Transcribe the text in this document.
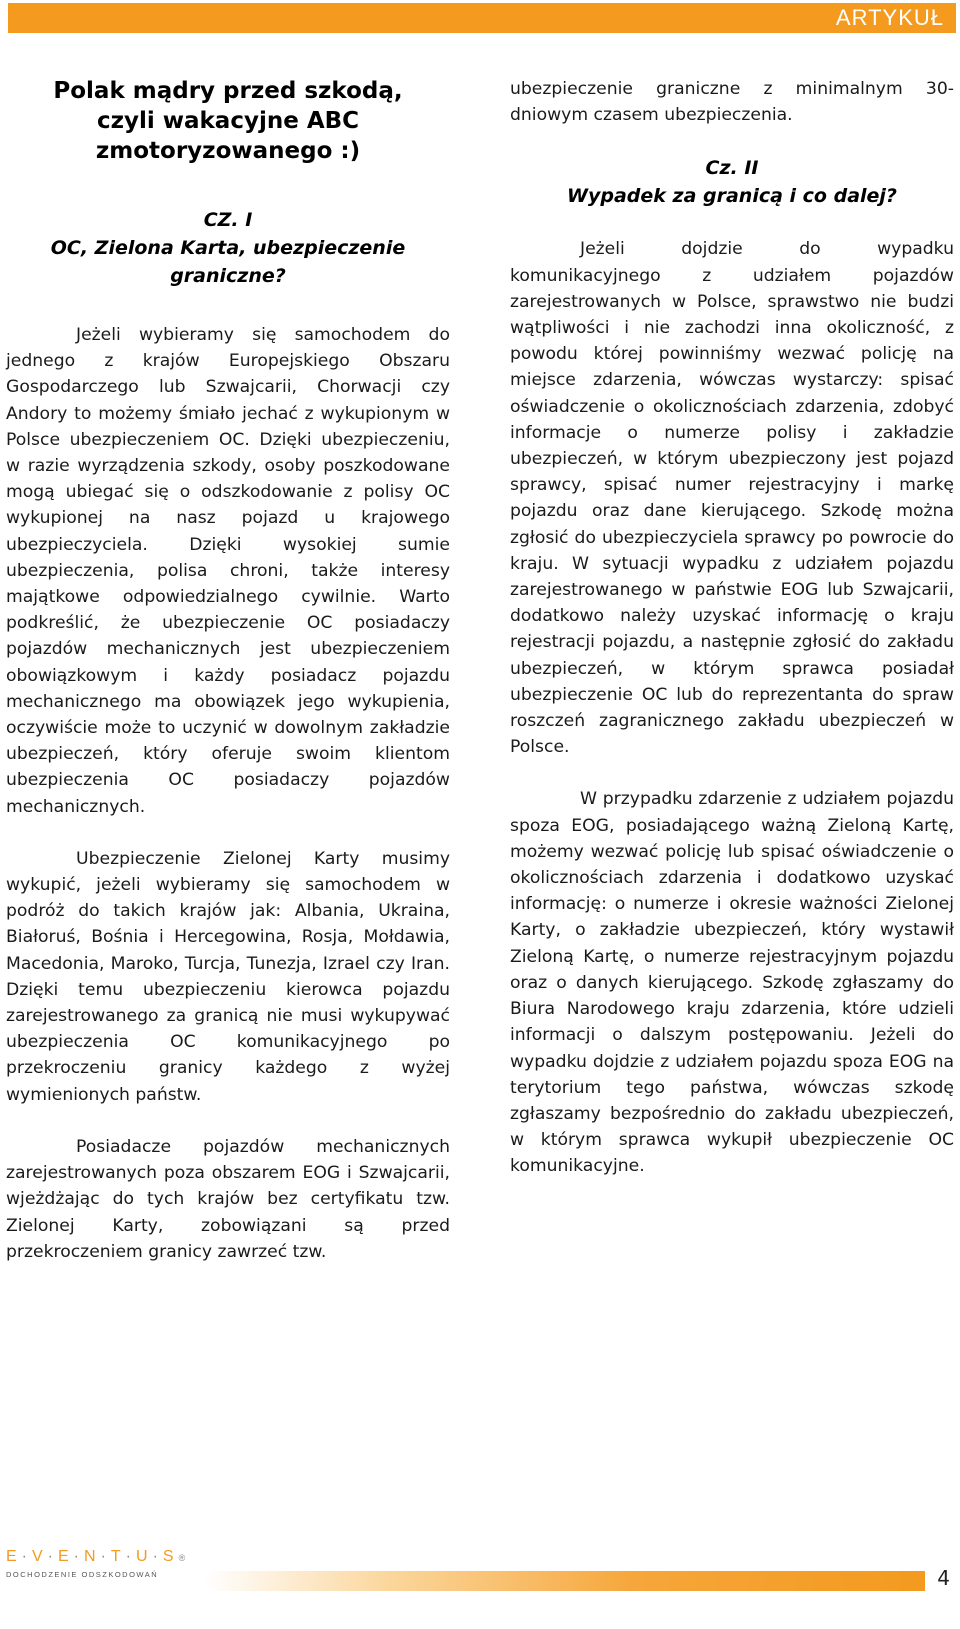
ARTYKUŁ

Polak mądry przed szkodą,

czyli wakacyjne ABC

zmotoryzowanego :)

CZ. I

OC, Zielona Karta, ubezpieczenie

graniczne?

Jeżeli wybieramy się samochodem do jednego z krajów Europejskiego Obszaru Gospodarczego lub Szwajcarii, Chorwacji czy Andory to możemy śmiało jechać z wykupionym w Polsce ubezpieczeniem OC. Dzięki ubezpieczeniu, w razie wyrządzenia szkody, osoby poszkodowane mogą ubiegać się o odszkodowanie z polisy OC wykupionej na nasz pojazd u krajowego ubezpieczyciela. Dzięki wysokiej sumie ubezpieczenia, polisa chroni, także interesy majątkowe odpowiedzialnego cywilnie. Warto podkreślić, że ubezpieczenie OC posiadaczy pojazdów mechanicznych jest ubezpieczeniem obowiązkowym i każdy posiadacz pojazdu mechanicznego ma obowiązek jego wykupienia, oczywiście może to uczynić w dowolnym zakładzie ubezpieczeń, który oferuje swoim klientom ubezpieczenia OC posiadaczy pojazdów mechanicznych.

Ubezpieczenie Zielonej Karty musimy wykupić, jeżeli wybieramy się samochodem w podróż do takich krajów jak: Albania, Ukraina, Białoruś, Bośnia i Hercegowina, Rosja, Mołdawia, Macedonia, Maroko, Turcja, Tunezja, Izrael czy Iran. Dzięki temu ubezpieczeniu kierowca pojazdu zarejestrowanego za granicą nie musi wykupywać ubezpieczenia OC komunikacyjnego po przekroczeniu granicy każdego z wyżej wymienionych państw.

Posiadacze pojazdów mechanicznych zarejestrowanych poza obszarem EOG i Szwajcarii, wjeżdżając do tych krajów bez certyfikatu tzw. Zielonej Karty, zobowiązani są przed przekroczeniem granicy zawrzeć tzw.

ubezpieczenie graniczne z minimalnym 30-dniowym czasem ubezpieczenia.

Cz. II

Wypadek za granicą i co dalej?

Jeżeli dojdzie do wypadku komunikacyjnego z udziałem pojazdów zarejestrowanych w Polsce, sprawstwo nie budzi wątpliwości i nie zachodzi inna okoliczność, z powodu której powinniśmy wezwać policję na miejsce zdarzenia, wówczas wystarczy: spisać oświadczenie o okolicznościach zdarzenia, zdobyć informacje o numerze polisy i zakładzie ubezpieczeń, w którym ubezpieczony jest pojazd sprawcy, spisać numer rejestracyjny i markę pojazdu oraz dane kierującego. Szkodę można zgłosić do ubezpieczyciela sprawcy po powrocie do kraju. W sytuacji wypadku z udziałem pojazdu zarejestrowanego w państwie EOG lub Szwajcarii, dodatkowo należy uzyskać informację o kraju rejestracji pojazdu, a następnie zgłosić do zakładu ubezpieczeń, w którym sprawca posiadał ubezpieczenie OC lub do reprezentanta do spraw roszczeń zagranicznego zakładu ubezpieczeń w Polsce.

W przypadku zdarzenie z udziałem pojazdu spoza EOG, posiadającego ważną Zieloną Kartę, możemy wezwać policję lub spisać oświadczenie o okolicznościach zdarzenia i dodatkowo uzyskać informację: o numerze i okresie ważności Zielonej Karty, o zakładzie ubezpieczeń, który wystawił Zieloną Kartę, o numerze rejestracyjnym pojazdu oraz o danych kierującego. Szkodę zgłaszamy do Biura Narodowego kraju zdarzenia, które udzieli informacji o dalszym postępowaniu. Jeżeli do wypadku dojdzie z udziałem pojazdu spoza EOG na terytorium tego państwa, wówczas szkodę zgłaszamy bezpośrednio do zakładu ubezpieczeń, w którym sprawca wykupił ubezpieczenie OC komunikacyjne.

E · V · E · N · T · U · S ®
DOCHODZENIE ODSZKODOWAŃ	4
